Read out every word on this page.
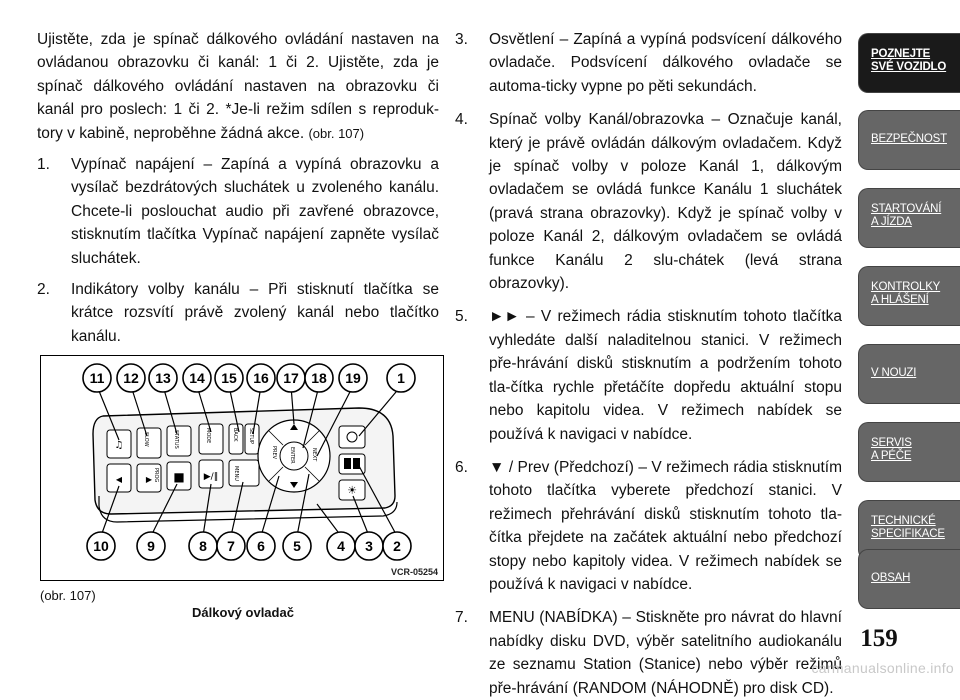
Ujistěte, zda je spínač dálkového ovládání nastaven na ovládanou obrazovku či kanál: 1 či 2. Ujistěte, zda je spínač dálkového ovládání nastaven na obrazovku či kanál pro poslech: 1 či 2. *Je-li režim sdílen s reproduk-tory v kabině, neproběhne žádná akce. (obr. 107)

1. Vypínač napájení – Zapíná a vypíná obrazovku a vysílač bezdrátových sluchátek u zvoleného kanálu. Chcete-li poslouchat audio při zavřené obrazovce, stisknutím tlačítka Vypínač napájení zapněte vysílač sluchátek.
2. Indikátory volby kanálu – Při stisknutí tlačítka se krátce rozsvítí právě zvolený kanál nebo tlačítko kanálu.
☀
♫
■ ▶/‖
◀	▶
SLOW	STATUS	MODE	BACK SETUP
MENU
PROG
PREV	NEXT
ENTER
11 12 13 14 15 16 17 18 19	1
10	9	8 7 6 5	4 3 2
VCR-05254
(obr. 107)
Dálkový ovladač
3. Osvětlení – Zapíná a vypíná podsvícení dálkového ovladače. Podsvícení dálkového ovladače se automa-ticky vypne po pěti sekundách.
4. Spínač volby Kanál/obrazovka – Označuje kanál, který je právě ovládán dálkovým ovladačem. Když je spínač volby v poloze Kanál 1, dálkovým ovladačem se ovládá funkce Kanálu 1 sluchátek (pravá strana obrazovky). Když je spínač volby v poloze Kanál 2, dálkovým ovladačem se ovládá funkce Kanálu 2 slu-chátek (levá strana obrazovky).
5. ►► – V režimech rádia stisknutím tohoto tlačítka vyhledáte další naladitelnou stanici. V režimech pře-hrávání disků stisknutím a podržením tohoto tla-čítka rychle přetáčíte dopředu aktuální stopu nebo kapitolu videa. V režimech nabídek se používá k navigaci v nabídce.
6. ▼ / Prev (Předchozí) – V režimech rádia stisknutím tohoto tlačítka vyberete předchozí stanici. V režimech přehrávání disků stisknutím tohoto tla-čítka přejdete na začátek aktuální nebo předchozí stopy nebo kapitoly videa. V režimech nabídek se používá k navigaci v nabídce.
7. MENU (NABÍDKA) – Stiskněte pro návrat do hlavní nabídky disku DVD, výběr satelitního audiokanálu ze seznamu Station (Stanice) nebo výběr režimů pře-hrávání (RANDOM (NÁHODNĚ) pro disk CD).
POZNEJTE
SVÉ VOZIDLO
BEZPEČNOST
STARTOVÁNÍ
A JÍZDA
KONTROLKY
A HLÁŠENÍ
V NOUZI
SERVIS
A PÉČE
TECHNICKÉ
SPECIFIKACE
OBSAH
159
carmanualsonline.info
